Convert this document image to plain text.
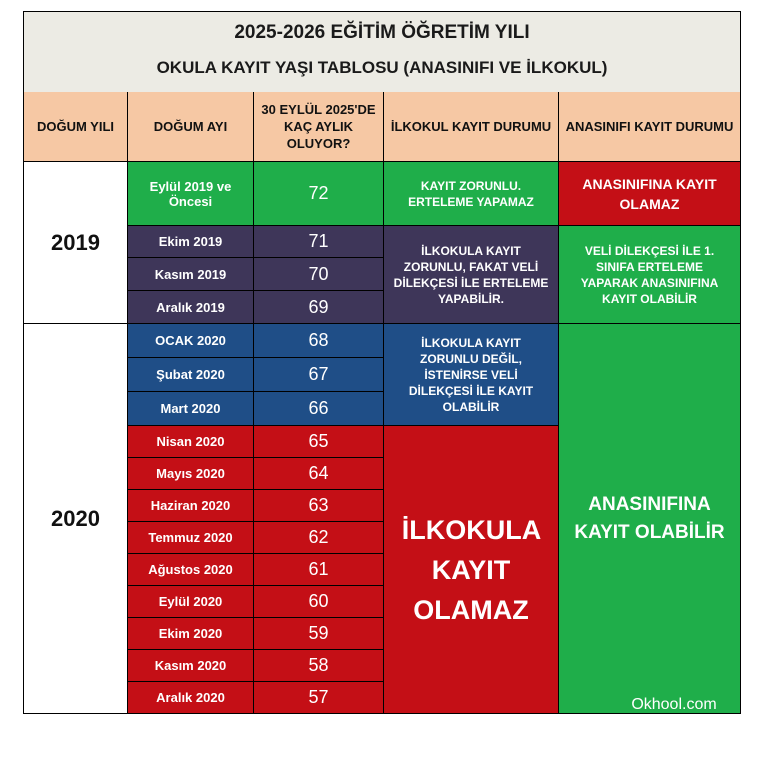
2025-2026 EĞİTİM ÖĞRETİM YILI
OKULA KAYIT YAŞI TABLOSU (ANASINIFI VE İLKOKUL)
DOĞUM YILI	DOĞUM AYI
30 EYLÜL 2025'DE KAÇ AYLIK OLUYOR?
İLKOKUL KAYIT DURUMU	ANASINIFI KAYIT DURUMU
2019
2020
Eylül 2019 ve Öncesi
Ekim 2019
Kasım 2019
Aralık 2019
OCAK 2020
Şubat 2020
Mart 2020
Nisan 2020
Mayıs 2020
Haziran 2020
Temmuz 2020
Ağustos 2020
Eylül 2020
Ekim 2020
Kasım 2020
Aralık 2020
72
71
70
69
68
67
66
65
64
63
62
61
60
59
58
57
KAYIT ZORUNLU. ERTELEME YAPAMAZ
İLKOKULA KAYIT ZORUNLU, FAKAT VELİ DİLEKÇESİ İLE ERTELEME YAPABİLİR.
İLKOKULA KAYIT ZORUNLU DEĞİL, İSTENİRSE VELİ DİLEKÇESİ İLE KAYIT OLABİLİR
İLKOKULA KAYIT OLAMAZ
ANASINIFINA KAYIT OLAMAZ
VELİ DİLEKÇESİ İLE 1. SINIFA ERTELEME YAPARAK ANASINIFINA KAYIT OLABİLİR
ANASINIFINA KAYIT OLABİLİR
Okhool.com
